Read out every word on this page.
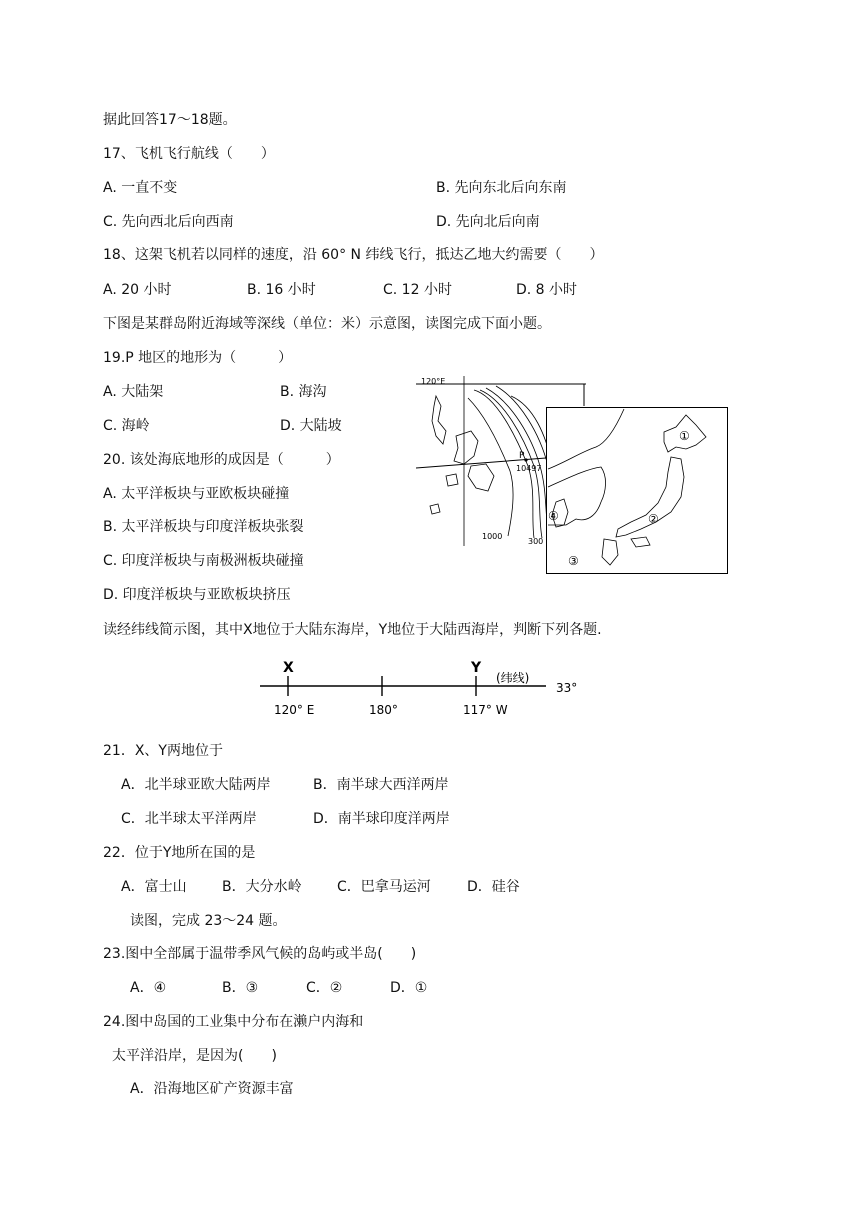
据此回答17～18题。
17、飞机飞行航线（　　）
A. 一直不变	B. 先向东北后向东南
C. 先向西北后向西南	D. 先向北后向南
18、这架飞机若以同样的速度，沿 60° N 纬线飞行，抵达乙地大约需要（　　）
A. 20 小时	B. 16 小时	C. 12 小时	D. 8 小时
下图是某群岛附近海域等深线（单位：米）示意图，读图完成下面小题。
19.P 地区的地形为（　　　）
A. 大陆架	B. 海沟
C. 海岭	D. 大陆坡
20. 该处海底地形的成因是（　　　）
A. 太平洋板块与亚欧板块碰撞
B. 太平洋板块与印度洋板块张裂
C. 印度洋板块与南极洲板块碰撞
D. 印度洋板块与亚欧板块挤压
120°E
P
10497
1000
300
①
②
③
④
读经纬线简示图，其中X地位于大陆东海岸，Y地位于大陆西海岸，判断下列各题.
X	Y
(纬线)
33°
120° E	180°	117° W
21．X、Y两地位于
A．北半球亚欧大陆两岸	B．南半球大西洋两岸
C．北半球太平洋两岸	D．南半球印度洋两岸
22．位于Y地所在国的是
A．富士山	B．大分水岭	C．巴拿马运河	D．硅谷
读图，完成 23～24 题。
23.图中全部属于温带季风气候的岛屿或半岛(　　)
A．④	B．③	C．②	D．①
24.图中岛国的工业集中分布在濑户内海和
太平洋沿岸，是因为(　　)
A．沿海地区矿产资源丰富
